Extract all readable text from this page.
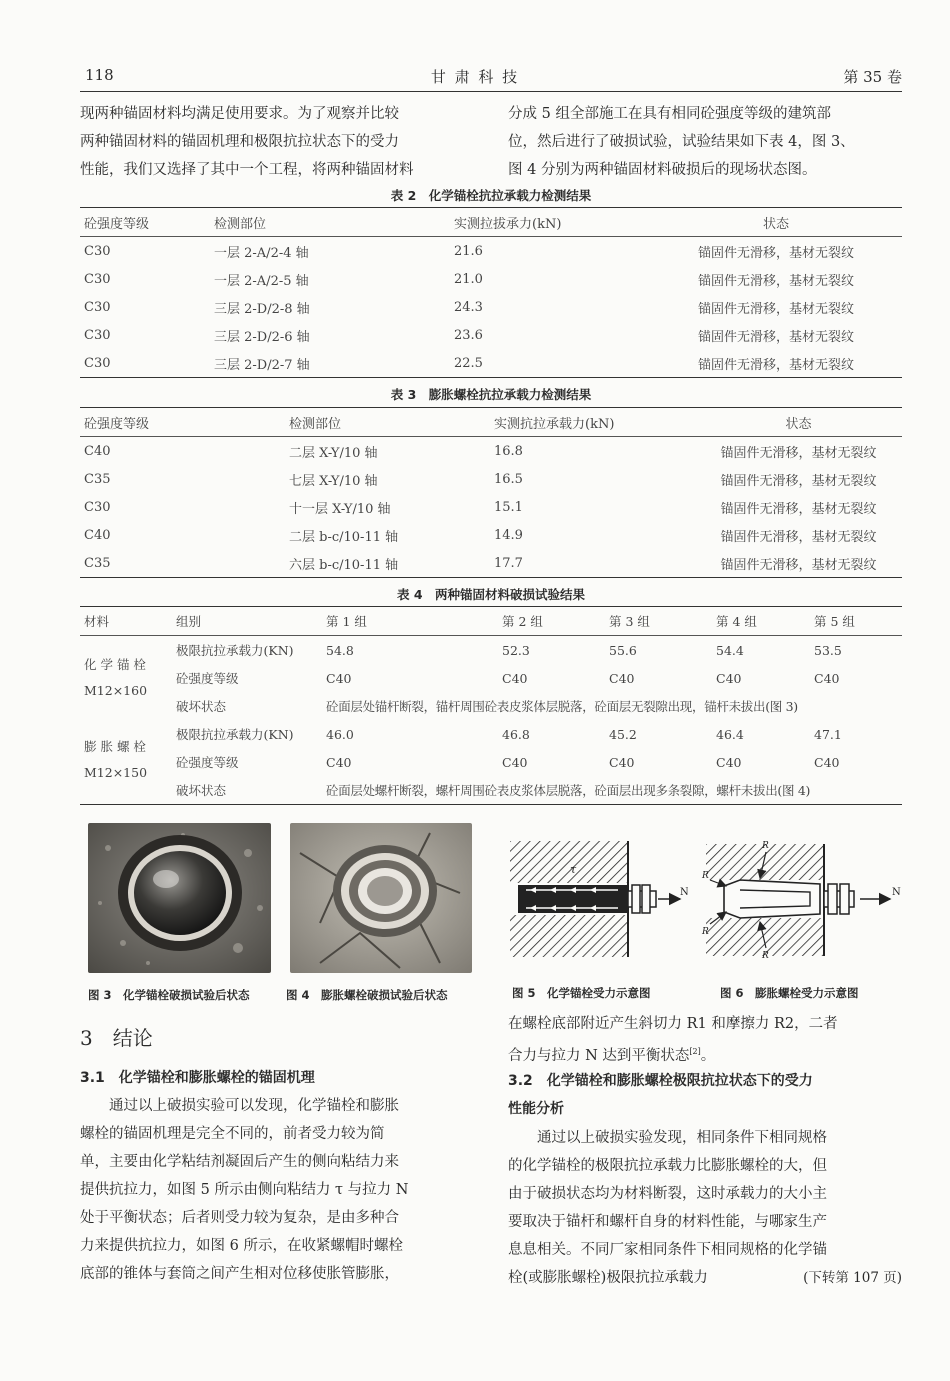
118	甘 肃 科 技	第 35 卷

现两种锚固材料均满足使用要求。为了观察并比较

两种锚固材料的锚固机理和极限抗拉状态下的受力

性能，我们又选择了其中一个工程，将两种锚固材料

分成 5 组全部施工在具有相同砼强度等级的建筑部

位，然后进行了破损试验，试验结果如下表 4，图 3、

图 4 分别为两种锚固材料破损后的现场状态图。

表 2　化学锚栓抗拉承载力检测结果
砼强度等级	检测部位	实测拉拔承力(kN)	状态
C30	一层 2-A/2-4 轴	21.6	锚固件无滑移，基材无裂纹
C30	一层 2-A/2-5 轴	21.0	锚固件无滑移，基材无裂纹
C30	三层 2-D/2-8 轴	24.3	锚固件无滑移，基材无裂纹
C30	三层 2-D/2-6 轴	23.6	锚固件无滑移，基材无裂纹
C30	三层 2-D/2-7 轴	22.5	锚固件无滑移，基材无裂纹
表 3　膨胀螺栓抗拉承载力检测结果
砼强度等级	检测部位	实测抗拉承载力(kN)	状态
C40	二层 X-Y/10 轴	16.8	锚固件无滑移，基材无裂纹
C35	七层 X-Y/10 轴	16.5	锚固件无滑移，基材无裂纹
C30	十一层 X-Y/10 轴	15.1	锚固件无滑移，基材无裂纹
C40	二层 b-c/10-11 轴	14.9	锚固件无滑移，基材无裂纹
C35	六层 b-c/10-11 轴	17.7	锚固件无滑移，基材无裂纹
表 4　两种锚固材料破损试验结果
材料	组别	第 1 组	第 2 组	第 3 组	第 4 组	第 5 组

化 学 锚 栓
M12×160	极限抗拉承载力(KN)	54.8	52.3	55.6	54.4	53.5
	砼强度等级	C40	C40	C40	C40	C40
	破坏状态	砼面层处锚杆断裂，锚杆周围砼表皮浆体层脱落，砼面层无裂隙出现，锚杆未拔出(图 3)				

膨 胀 螺 栓
M12×150	极限抗拉承载力(KN)	46.0	46.8	45.2	46.4	47.1
	砼强度等级	C40	C40	C40	C40	C40
	破坏状态	砼面层处螺杆断裂，螺杆周围砼表皮浆体层脱落，砼面层出现多条裂隙，螺杆未拔出(图 4)				
τ
N
R
R
R
R
N
图 3　化学锚栓破损试验后状态	图 4　膨胀螺栓破损试验后状态	图 5　化学锚栓受力示意图	图 6　膨胀螺栓受力示意图
3　结论
3.1　化学锚栓和膨胀螺栓的锚固机理

通过以上破损实验可以发现，化学锚栓和膨胀

螺栓的锚固机理是完全不同的，前者受力较为简

单，主要由化学粘结剂凝固后产生的侧向粘结力来

提供抗拉力，如图 5 所示由侧向粘结力 τ 与拉力 N

处于平衡状态；后者则受力较为复杂，是由多种合

力来提供抗拉力，如图 6 所示，在收紧螺帽时螺栓

底部的锥体与套筒之间产生相对位移使胀管膨胀，

在螺栓底部附近产生斜切力 R1 和摩擦力 R2，二者

合力与拉力 N 达到平衡状态[2]。

3.2　化学锚栓和膨胀螺栓极限抗拉状态下的受力
性能分析

通过以上破损实验发现，相同条件下相同规格

的化学锚栓的极限抗拉承载力比膨胀螺栓的大，但

由于破损状态均为材料断裂，这时承载力的大小主

要取决于锚杆和螺杆自身的材料性能，与哪家生产

息息相关。不同厂家相同条件下相同规格的化学锚

栓(或膨胀螺栓)极限抗拉承载力	(下转第 107 页)
